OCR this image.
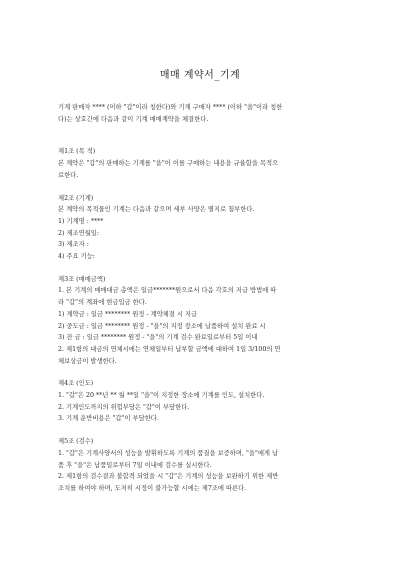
매매 계약서_기계

기계 판매자 **** (이하 "갑"이라 칭한다)와 기계 구매자 **** (이하 "을"이라 칭한

다)는 상호간에 다음과 같이 기계 매매계약을 체결한다.

제1조 (목 적)

본 계약은 "갑"의 판매하는 기계를 "을"이 이를 구매하는 내용을 규율함을 목적으

로한다.

제2조 (기계)

본 계약의 목적물인 기계는 다음과 같으며 세부 사양은 별지로 첨부한다.

1) 기계명 : ****

2) 제조연월일:

3) 제조자 :

4) 주요 기능:

제3조 (매매금액)

1. 본 기계의 매매대금 총액은 일금*******원으로서 다음 각호의 지급 방법에 따

라 "갑"의 계좌에 현금입금 한다.

1) 계약금 : 일금 ******** 원정 - 계약체결 시 지급

2) 중도금 : 일금 ******** 원정 - "을"의 지정 장소에 납품하여 설치 완료 시

3) 잔 금 : 일금 ******** 원정 - "을"의 기계 검수 완료일로부터 5일 이내

2. 제1항의 대금의 연체시에는 연체일부터 납부할 금액에 대하여 1일 3/100의 연

체보상금이 발생한다.

제4조 (인도)

1. "갑"은 20 **년 ** 월 **일 "을"이 지정한 장소에 기계를 인도, 설치한다.

2. 기계인도까지의 위험부담은 "갑"이 부담한다.

3. 기계 운반비용은 "갑"이 부담한다.

제5조 (검수)

1. "갑"은 기계사양서의 성능을 발휘하도록 기계의 품질을 보증하며, "을"에게 납

품 후 "을"은 납품일로부터 7일 이내에 검수를 실시한다.

2. 제1항의 검수결과 불합격 되었을 시 "갑"은 기계의 성능을 보완하기 위한 제반

조치를 하여야 하며, 도저히 시정이 불가능할 시에는 제7조에 따른다.
